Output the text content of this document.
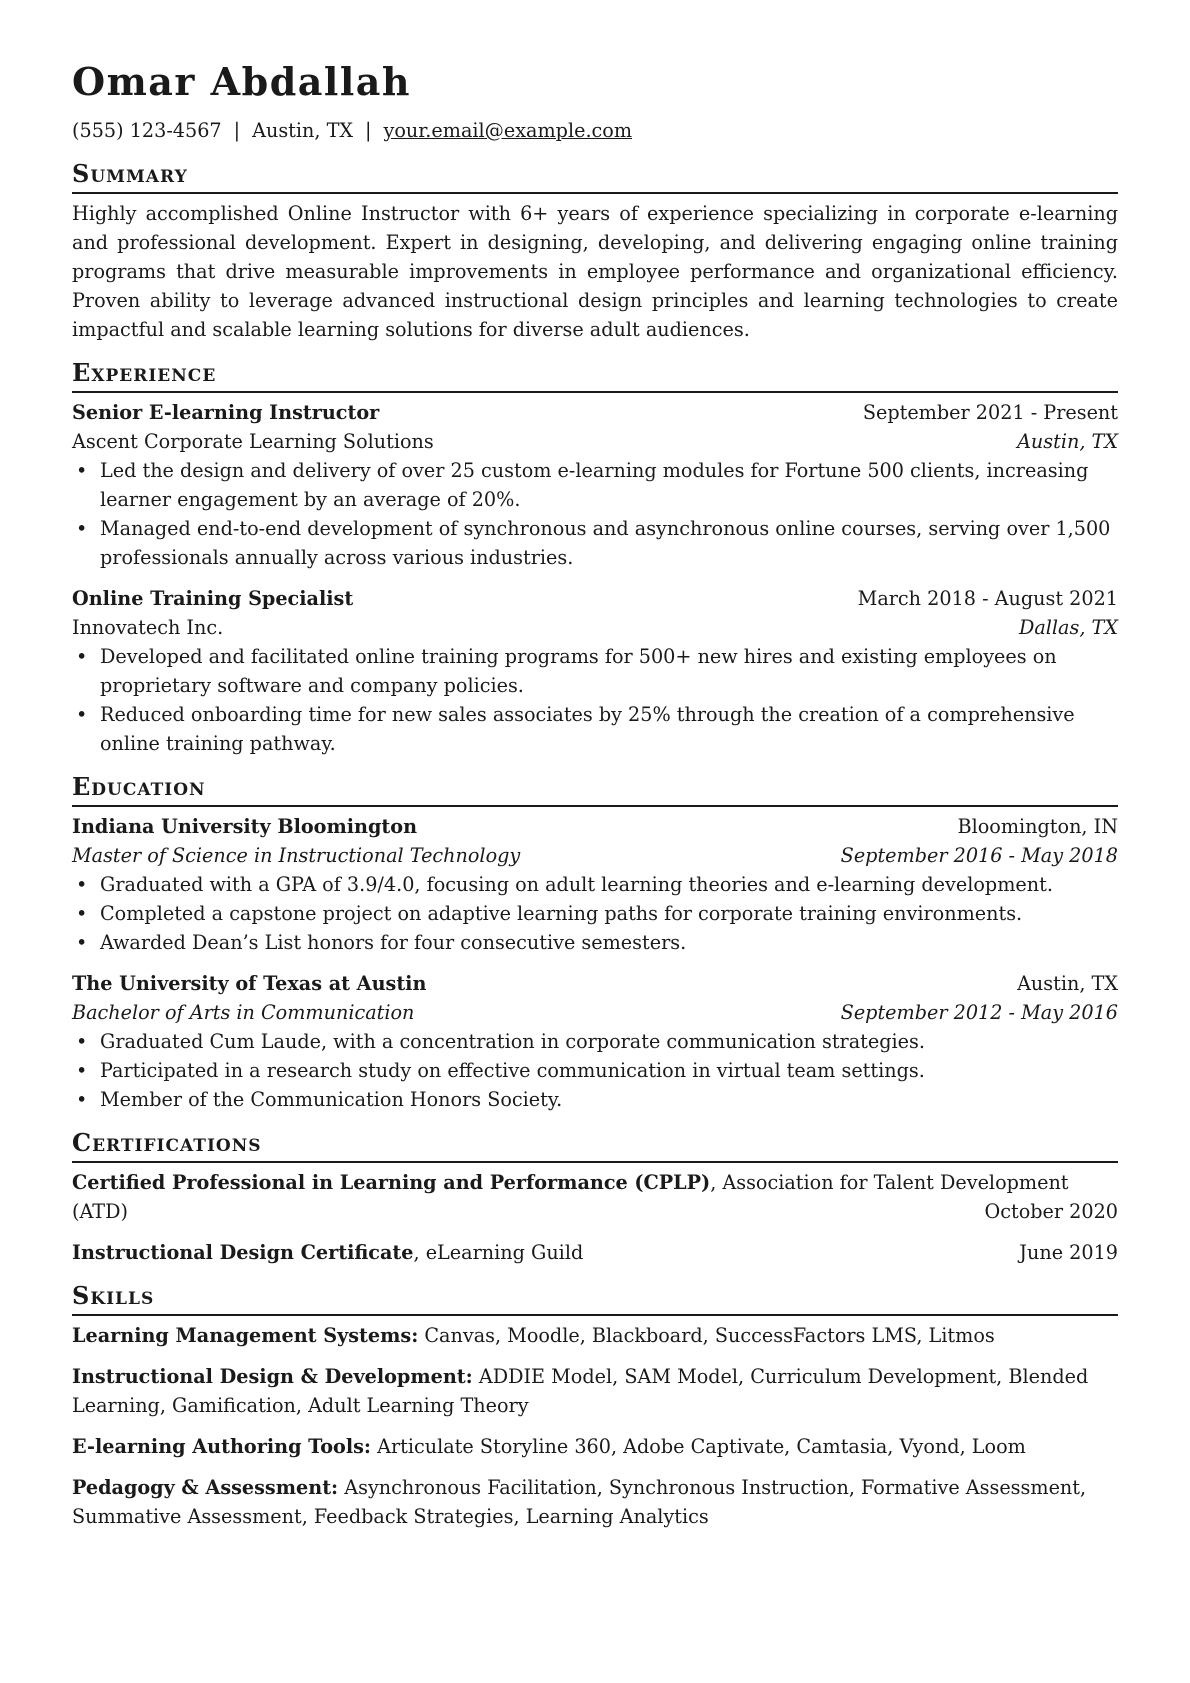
Omar Abdallah
(555) 123-4567 | Austin, TX | your.email@example.com
Summary
Highly accomplished Online Instructor with 6+ years of experience specializing in corporate e-learning and professional development. Expert in designing, developing, and delivering engaging online training programs that drive measurable improvements in employee performance and organizational efficiency. Proven ability to leverage advanced instructional design principles and learning technologies to create impactful and scalable learning solutions for diverse adult audiences.
Experience
Senior E-learning Instructor	September 2021 - Present
Ascent Corporate Learning Solutions	Austin, TX
• Led the design and delivery of over 25 custom e-learning modules for Fortune 500 clients, increasing learner engagement by an average of 20%.
• Managed end-to-end development of synchronous and asynchronous online courses, serving over 1,500 professionals annually across various industries.
Online Training Specialist	March 2018 - August 2021
Innovatech Inc.	Dallas, TX
• Developed and facilitated online training programs for 500+ new hires and existing employees on proprietary software and company policies.
• Reduced onboarding time for new sales associates by 25% through the creation of a comprehensive online training pathway.
Education
Indiana University Bloomington	Bloomington, IN
Master of Science in Instructional Technology	September 2016 - May 2018
• Graduated with a GPA of 3.9/4.0, focusing on adult learning theories and e-learning development.
• Completed a capstone project on adaptive learning paths for corporate training environments.
• Awarded Dean’s List honors for four consecutive semesters.
The University of Texas at Austin	Austin, TX
Bachelor of Arts in Communication	September 2012 - May 2016
• Graduated Cum Laude, with a concentration in corporate communication strategies.
• Participated in a research study on effective communication in virtual team settings.
• Member of the Communication Honors Society.
Certifications
Certified Professional in Learning and Performance (CPLP), Association for Talent Development
(ATD)	October 2020
Instructional Design Certificate, eLearning Guild	June 2019
Skills
Learning Management Systems: Canvas, Moodle, Blackboard, SuccessFactors LMS, Litmos
Instructional Design & Development: ADDIE Model, SAM Model, Curriculum Development, Blended Learning, Gamification, Adult Learning Theory
E-learning Authoring Tools: Articulate Storyline 360, Adobe Captivate, Camtasia, Vyond, Loom
Pedagogy & Assessment: Asynchronous Facilitation, Synchronous Instruction, Formative Assessment, Summative Assessment, Feedback Strategies, Learning Analytics
